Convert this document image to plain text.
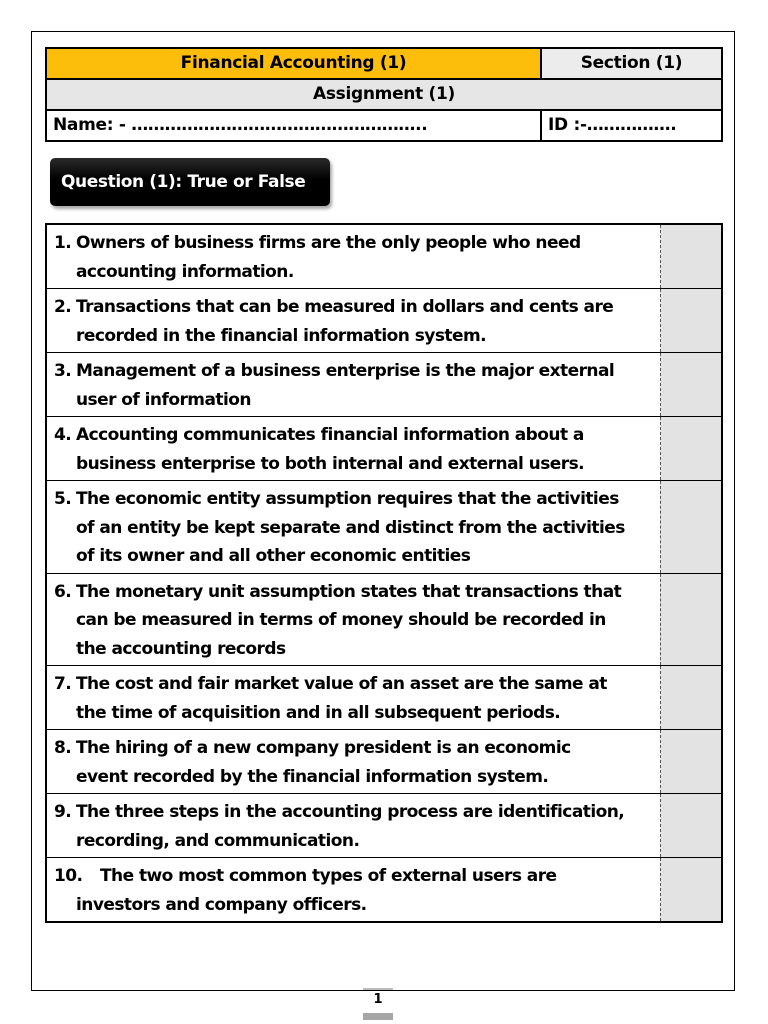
Financial Accounting (1)	Section (1)
Assignment (1)	
Name: - ……………………………………………..	ID :-…………….
Question (1): True or False
1. Owners of business firms are the only people who need
accounting information.	

2. Transactions that can be measured in dollars and cents are
recorded in the financial information system.	

3. Management of a business enterprise is the major external
user of information	

4. Accounting communicates financial information about a
business enterprise to both internal and external users.	

5. The economic entity assumption requires that the activities
of an entity be kept separate and distinct from the activities
of its owner and all other economic entities	

6. The monetary unit assumption states that transactions that
can be measured in terms of money should be recorded in
the accounting records	

7. The cost and fair market value of an asset are the same at
the time of acquisition and in all subsequent periods.	

8. The hiring of a new company president is an economic
event recorded by the financial information system.	

9. The three steps in the accounting process are identification,
recording, and communication.	

10. The two most common types of external users are
investors and company officers.	

1
